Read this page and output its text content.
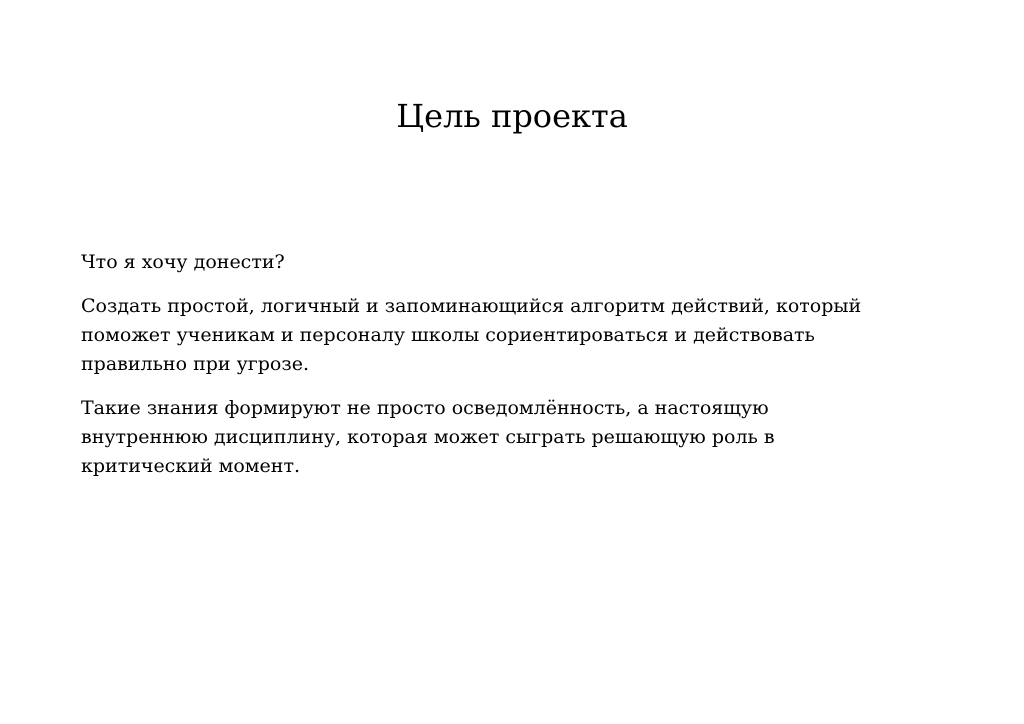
Цель проекта

Что я хочу донести?

Создать простой, логичный и запоминающийся алгоритм действий, который поможет ученикам и персоналу школы сориентироваться и действовать правильно при угрозе.

Такие знания формируют не просто осведомлённость, а настоящую внутреннюю дисциплину, которая может сыграть решающую роль в критический момент.
